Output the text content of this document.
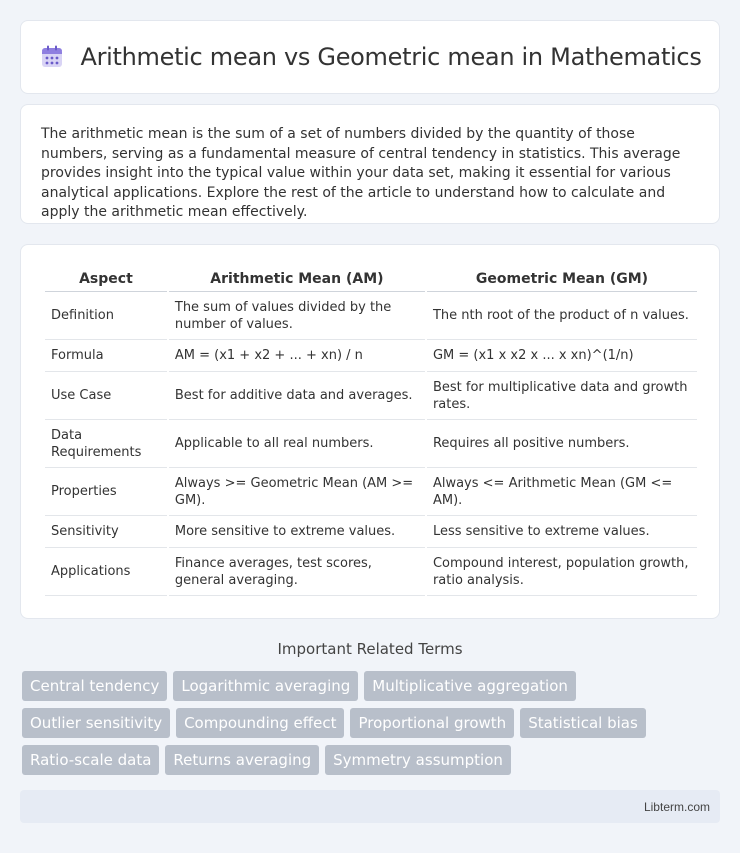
Arithmetic mean vs Geometric mean in Mathematics

The arithmetic mean is the sum of a set of numbers divided by the quantity of those numbers, serving as a fundamental measure of central tendency in statistics. This average provides insight into the typical value within your data set, making it essential for various analytical applications. Explore the rest of the article to understand how to calculate and apply the arithmetic mean effectively.

Aspect	Arithmetic Mean (AM)	Geometric Mean (GM)
Definition	The sum of values divided by the number of values.	The nth root of the product of n values.
Formula	AM = (x1 + x2 + ... + xn) / n	GM = (x1 x x2 x ... x xn)^(1/n)
Use Case	Best for additive data and averages.	Best for multiplicative data and growth rates.
Data Requirements	Applicable to all real numbers.	Requires all positive numbers.
Properties	Always >= Geometric Mean (AM >= GM).	Always <= Arithmetic Mean (GM <= AM).
Sensitivity	More sensitive to extreme values.	Less sensitive to extreme values.
Applications	Finance averages, test scores, general averaging.	Compound interest, population growth, ratio analysis.
Important Related Terms
Central tendency	Logarithmic averaging	Multiplicative aggregation
Outlier sensitivity	Compounding effect	Proportional growth	Statistical bias
Ratio-scale data	Returns averaging	Symmetry assumption
Libterm.com
